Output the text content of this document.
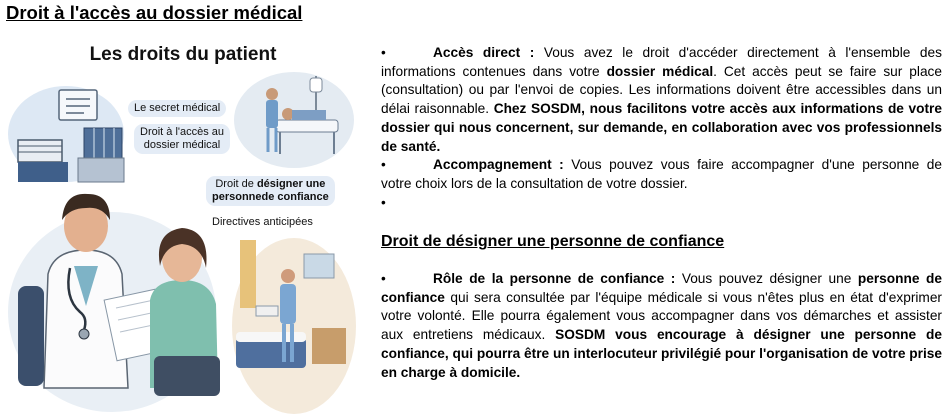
Droit à l'accès au dossier médical
Les droits du patient
Le secret médical
Droit à l'accès au
dossier médical
Droit de désigner une
personnede confiance
Directives anticipées

•	Accès direct : Vous avez le droit d'accéder directement à l'ensemble des informations contenues dans votre dossier médical. Cet accès peut se faire sur place (consultation) ou par l'envoi de copies. Les informations doivent être accessibles dans un délai raisonnable. Chez SOSDM, nous facilitons votre accès aux informations de votre dossier qui nous concernent, sur demande, en collaboration avec vos professionnels de santé.

•	Accompagnement : Vous pouvez vous faire accompagner d'une personne de votre choix lors de la consultation de votre dossier.

•

Droit de désigner une personne de confiance

•	Rôle de la personne de confiance : Vous pouvez désigner une personne de confiance qui sera consultée par l'équipe médicale si vous n'êtes plus en état d'exprimer votre volonté. Elle pourra également vous accompagner dans vos démarches et assister aux entretiens médicaux. SOSDM vous encourage à désigner une personne de confiance, qui pourra être un interlocuteur privilégié pour l'organisation de votre prise en charge à domicile.
